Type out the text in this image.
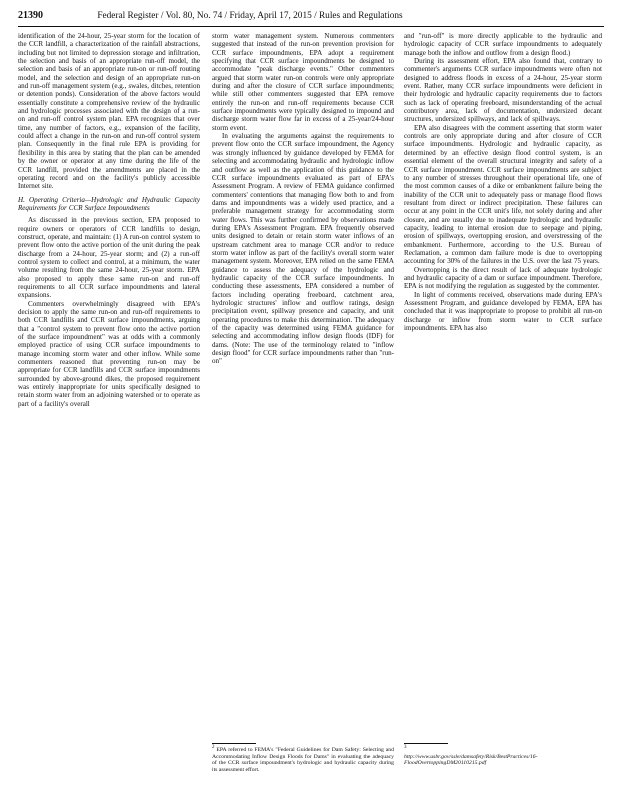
21390	Federal Register / Vol. 80, No. 74 / Friday, April 17, 2015 / Rules and Regulations

identification of the 24-hour, 25-year storm for the location of the CCR landfill, a characterization of the rainfall abstractions, including but not limited to depression storage and infiltration, the selection and basis of an appropriate run-off model, the selection and basis of an appropriate run-on or run-off routing model, and the selection and design of an appropriate run-on and run-off management system (e.g., swales, ditches, retention or detention ponds). Consideration of the above factors would essentially constitute a comprehensive review of the hydraulic and hydrologic processes associated with the design of a run-on and run-off control system plan. EPA recognizes that over time, any number of factors, e.g., expansion of the facility, could affect a change in the run-on and run-off control system plan. Consequently in the final rule EPA is providing for flexibility in this area by stating that the plan can be amended by the owner or operator at any time during the life of the CCR landfill, provided the amendments are placed in the operating record and on the facility's publicly accessible Internet site.

H. Operating Criteria—Hydrologic and Hydraulic Capacity Requirements for CCR Surface Impoundments

As discussed in the previous section, EPA proposed to require owners or operators of CCR landfills to design, construct, operate, and maintain: (1) A run-on control system to prevent flow onto the active portion of the unit during the peak discharge from a 24-hour, 25-year storm; and (2) a run-off control system to collect and control, at a minimum, the water volume resulting from the same 24-hour, 25-year storm. EPA also proposed to apply these same run-on and run-off requirements to all CCR surface impoundments and lateral expansions.

Commenters overwhelmingly disagreed with EPA's decision to apply the same run-on and run-off requirements to both CCR landfills and CCR surface impoundments, arguing that a "control system to prevent flow onto the active portion of the surface impoundment" was at odds with a commonly employed practice of using CCR surface impoundments to manage incoming storm water and other inflow. While some commenters reasoned that preventing run-on may be appropriate for CCR landfills and CCR surface impoundments surrounded by above-ground dikes, the proposed requirement was entirely inappropriate for units specifically designed to retain storm water from an adjoining watershed or to operate as part of a facility's overall

storm water management system. Numerous commenters suggested that instead of the run-on prevention provision for CCR surface impoundments, EPA adopt a requirement specifying that CCR surface impoundments be designed to accommodate "peak discharge events." Other commenters argued that storm water run-on controls were only appropriate during and after the closure of CCR surface impoundments; while still other commenters suggested that EPA remove entirely the run-on and run-off requirements because CCR surface impoundments were typically designed to impound and discharge storm water flow far in excess of a 25-year/24-hour storm event.

In evaluating the arguments against the requirements to prevent flow onto the CCR surface impoundment, the Agency was strongly influenced by guidance developed by FEMA for selecting and accommodating hydraulic and hydrologic inflow and outflow as well as the application of this guidance to the CCR surface impoundments evaluated as part of EPA's Assessment Program. A review of FEMA guidance confirmed commenters' contentions that managing flow both to and from dams and impoundments was a widely used practice, and a preferable management strategy for accommodating storm water flows. This was further confirmed by observations made during EPA's Assessment Program. EPA frequently observed units designed to detain or retain storm water inflows of an upstream catchment area to manage CCR and/or to reduce storm water inflow as part of the facility's overall storm water management system. Moreover, EPA relied on the same FEMA guidance to assess the adequacy of the hydrologic and hydraulic capacity of the CCR surface impoundments. In conducting these assessments, EPA considered a number of factors including operating freeboard, catchment area, hydrologic structures' inflow and outflow ratings, design precipitation event, spillway presence and capacity, and unit operating procedures to make this determination. The adequacy of the capacity was determined using FEMA guidance for selecting and accommodating inflow design floods (IDF) for dams. (Note: The use of the terminology related to "inflow design flood" for CCR surface impoundments rather than "run-on"

and "run-off" is more directly applicable to the hydraulic and hydrologic capacity of CCR surface impoundments to adequately manage both the inflow and outflow from a design flood.)

During its assessment effort, EPA also found that, contrary to commenter's arguments CCR surface impoundments were often not designed to address floods in excess of a 24-hour, 25-year storm event. Rather, many CCR surface impoundments were deficient in their hydrologic and hydraulic capacity requirements due to factors such as lack of operating freeboard, misunderstanding of the actual contributory area, lack of documentation, undersized decant structures, undersized spillways, and lack of spillways.

EPA also disagrees with the comment asserting that storm water controls are only appropriate during and after closure of CCR surface impoundments. Hydrologic and hydraulic capacity, as determined by an effective design flood control system, is an essential element of the overall structural integrity and safety of a CCR surface impoundment. CCR surface impoundments are subject to any number of stresses throughout their operational life, one of the most common causes of a dike or embankment failure being the inability of the CCR unit to adequately pass or manage flood flows resultant from direct or indirect precipitation. These failures can occur at any point in the CCR unit's life, not solely during and after closure, and are usually due to inadequate hydrologic and hydraulic capacity, leading to internal erosion due to seepage and piping, erosion of spillways, overtopping erosion, and overstressing of the embankment. Furthermore, according to the U.S. Bureau of Reclamation, a common dam failure mode is due to overtopping accounting for 30% of the failures in the U.S. over the last 75 years.

Overtopping is the direct result of lack of adequate hydrologic and hydraulic capacity of a dam or surface impoundment. Therefore, EPA is not modifying the regulation as suggested by the commenter.

In light of comments received, observations made during EPA's Assessment Program, and guidance developed by FEMA, EPA has concluded that it was inappropriate to propose to prohibit all run-on discharge or inflow from storm water to CCR surface impoundments. EPA has also

$^2$ EPA referred to FEMA's "Federal Guidelines for Dam Safety: Selecting and Accommodating Inflow Design Floods for Dams" in evaluating the adequacy of the CCR surface impoundment's hydrologic and hydraulic capacity during its assessment effort.
$^3$
http://www.usbr.gov/ssle/damsafety/Risk/BestPractices/16-FloodOvertoppingDM20110215.pdf
